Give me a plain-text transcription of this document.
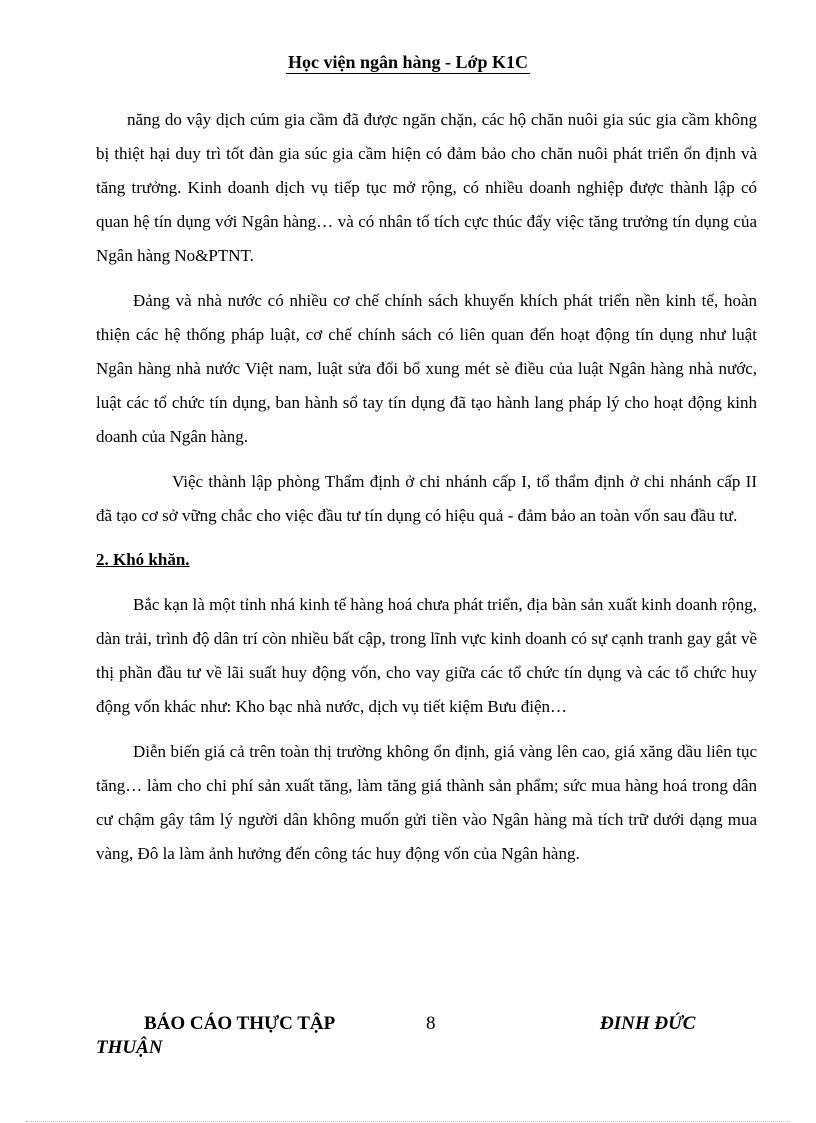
Học viện ngân hàng - Lớp K1C

năng do vậy dịch cúm gia cầm đã được ngăn chặn, các hộ chăn nuôi gia súc gia cầm không bị thiệt hại duy trì tốt đàn gia súc gia cầm hiện có đảm bảo cho chăn nuôi phát triển ổn định và tăng trưởng. Kinh doanh dịch vụ tiếp tục mở rộng, có nhiều doanh nghiệp được thành lập có quan hệ tín dụng với Ngân hàng… và có nhân tố tích cực thúc đẩy việc tăng trưởng tín dụng của Ngân hàng No&PTNT.

Đảng và nhà nước có nhiều cơ chế chính sách khuyến khích phát triển nền kinh tế, hoàn thiện các hệ thống pháp luật, cơ chế chính sách có liên quan đến hoạt động tín dụng như luật Ngân hàng nhà nước Việt nam, luật sửa đổi bổ xung mét sè điều của luật Ngân hàng nhà nước, luật các tổ chức tín dụng, ban hành sổ tay tín dụng đã tạo hành lang pháp lý cho hoạt động kinh doanh của Ngân hàng.

Việc thành lập phòng Thẩm định ở chi nhánh cấp I, tổ thẩm định ở chi nhánh cấp II đã tạo cơ sở vững chắc cho việc đầu tư tín dụng có hiệu quả - đảm bảo an toàn vốn sau đầu tư.

2. Khó khăn.

Bắc kạn là một tỉnh nhá kinh tế hàng hoá chưa phát triển, địa bàn sản xuất kinh doanh rộng, dàn trải, trình độ dân trí còn nhiều bất cập, trong lĩnh vực kinh doanh có sự cạnh tranh gay gắt về thị phần đầu tư về lãi suất huy động vốn, cho vay giữa các tổ chức tín dụng và các tổ chức huy động vốn khác như: Kho bạc nhà nước, dịch vụ tiết kiệm Bưu điện…

Diễn biến giá cả trên toàn thị trường không ổn định, giá vàng lên cao, giá xăng dầu liên tục tăng… làm cho chi phí sản xuất tăng, làm tăng giá thành sản phẩm; sức mua hàng hoá trong dân cư chậm gây tâm lý người dân không muốn gửi tiền vào Ngân hàng mà tích trữ dưới dạng mua vàng, Đô la làm ảnh hưởng đến công tác huy động vốn của Ngân hàng.

BÁO CÁO THỰC TẬP	8	ĐINH ĐỨC
THUẬN
